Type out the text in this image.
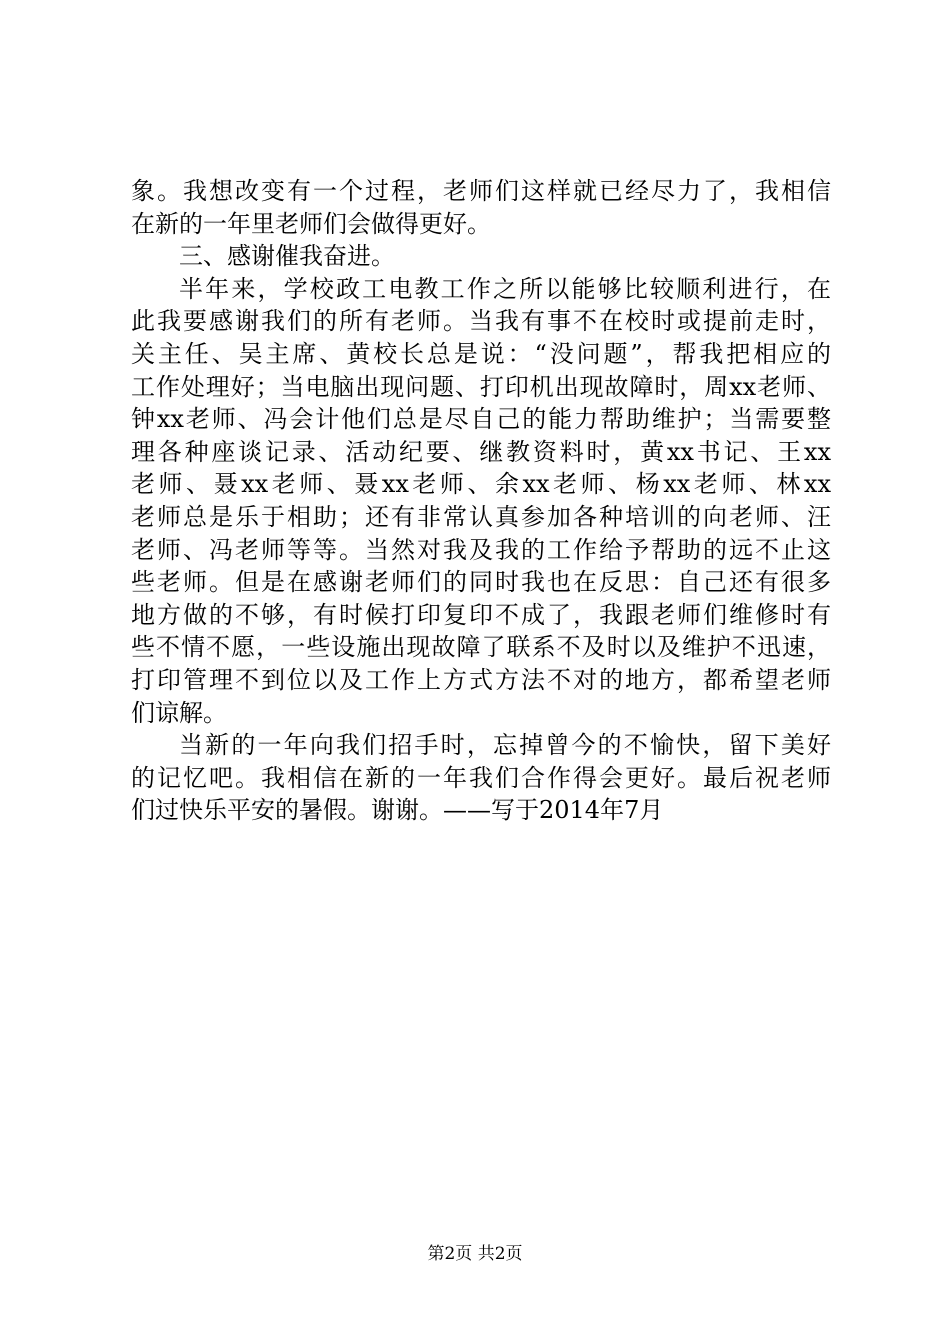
象。我想改变有一个过程，老师们这样就已经尽力了，我相信
在新的一年里老师们会做得更好。
三、感谢催我奋进。
半年来，学校政工电教工作之所以能够比较顺利进行，在
此我要感谢我们的所有老师。当我有事不在校时或提前走时，
关主任、吴主席、黄校长总是说：“没问题”，帮我把相应的
工作处理好；当电脑出现问题、打印机出现故障时，周xx老师、
钟xx老师、冯会计他们总是尽自己的能力帮助维护；当需要整
理各种座谈记录、活动纪要、继教资料时，黄xx书记、王xx
老师、聂xx老师、聂xx老师、余xx老师、杨xx老师、林xx
老师总是乐于相助；还有非常认真参加各种培训的向老师、汪
老师、冯老师等等。当然对我及我的工作给予帮助的远不止这
些老师。但是在感谢老师们的同时我也在反思：自己还有很多
地方做的不够，有时候打印复印不成了，我跟老师们维修时有
些不情不愿，一些设施出现故障了联系不及时以及维护不迅速，
打印管理不到位以及工作上方式方法不对的地方，都希望老师
们谅解。
当新的一年向我们招手时，忘掉曾今的不愉快，留下美好
的记忆吧。我相信在新的一年我们合作得会更好。最后祝老师
们过快乐平安的暑假。谢谢。——写于2014年7月
第2页 共2页
